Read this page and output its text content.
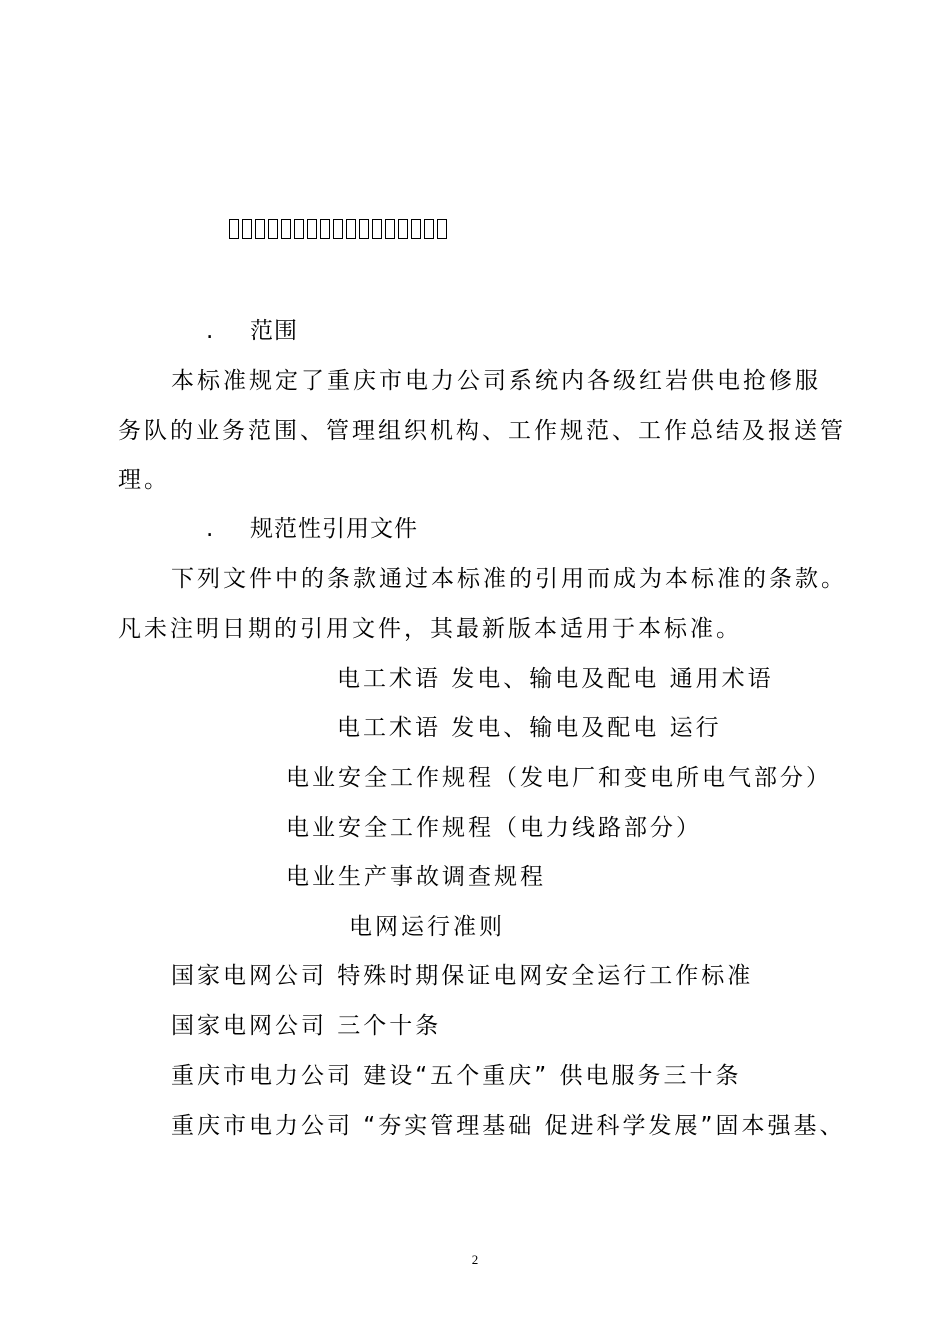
. 范围
本标准规定了重庆市电力公司系统内各级红岩供电抢修服
务队的业务范围、管理组织机构、工作规范、工作总结及报送管
理。
. 规范性引用文件
下列文件中的条款通过本标准的引用而成为本标准的条款。
凡未注明日期的引用文件，其最新版本适用于本标准。
电工术语 发电、输电及配电 通用术语
电工术语 发电、输电及配电 运行
电业安全工作规程（发电厂和变电所电气部分）
电业安全工作规程（电力线路部分）
电业生产事故调查规程
电网运行准则
国家电网公司 特殊时期保证电网安全运行工作标准
国家电网公司 三个十条
重庆市电力公司 建设“五个重庆” 供电服务三十条
重庆市电力公司 “夯实管理基础 促进科学发展”固本强基、
2
